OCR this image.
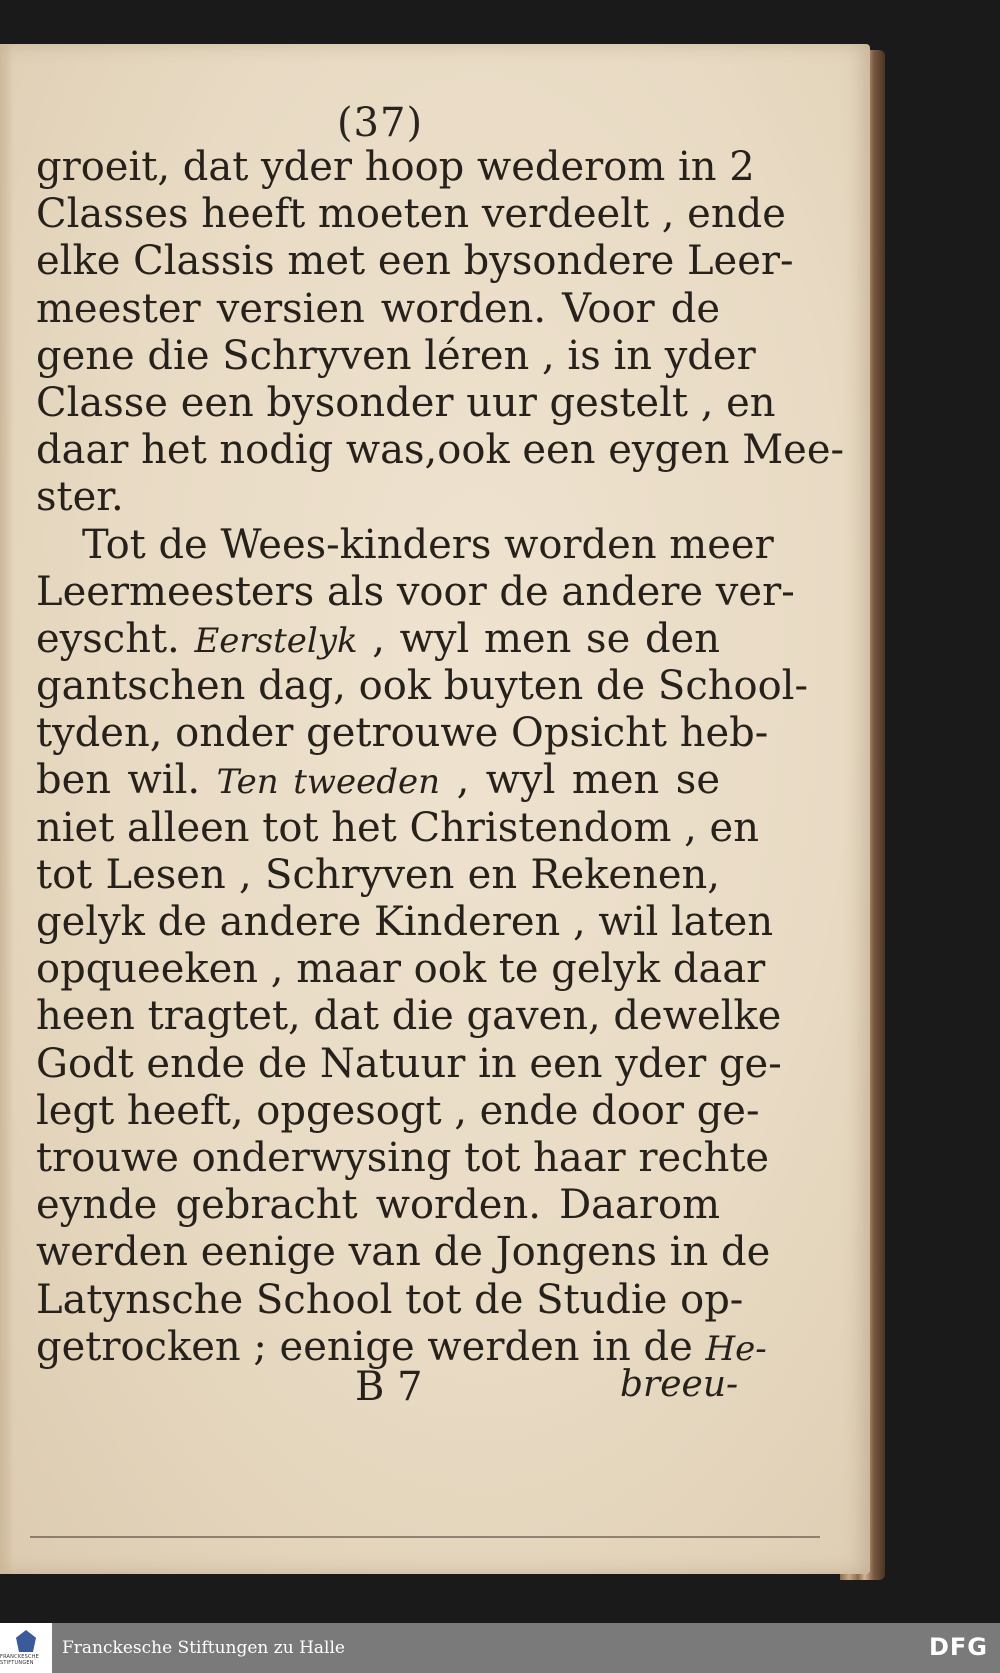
(37)
groeit, dat yder hoop wederom in 2
Classes heeft moeten verdeelt , ende
elke Classis met een bysondere Leer-
meester versien worden. Voor de
gene die Schryven léren , is in yder
Classe een bysonder uur gestelt , en
daar het nodig was,ook een eygen Mee-
ster.
Tot de Wees-kinders worden meer
Leermeesters als voor de andere ver-
eyscht. Eerstelyk , wyl men se den
gantschen dag, ook buyten de School-
tyden, onder getrouwe Opsicht heb-
ben wil. Ten tweeden , wyl men se
niet alleen tot het Christendom , en
tot Lesen , Schryven en Rekenen,
gelyk de andere Kinderen , wil laten
opqueeken , maar ook te gelyk daar
heen tragtet, dat die gaven, dewelke
Godt ende de Natuur in een yder ge-
legt heeft, opgesogt , ende door ge-
trouwe onderwysing tot haar rechte
eynde gebracht worden. Daarom
werden eenige van de Jongens in de
Latynsche School tot de Studie op-
getrocken ; eenige werden in de He-
B 7	breeu-
FRANCKESCHE STIFTUNGEN
Franckesche Stiftungen zu Halle	DFG
